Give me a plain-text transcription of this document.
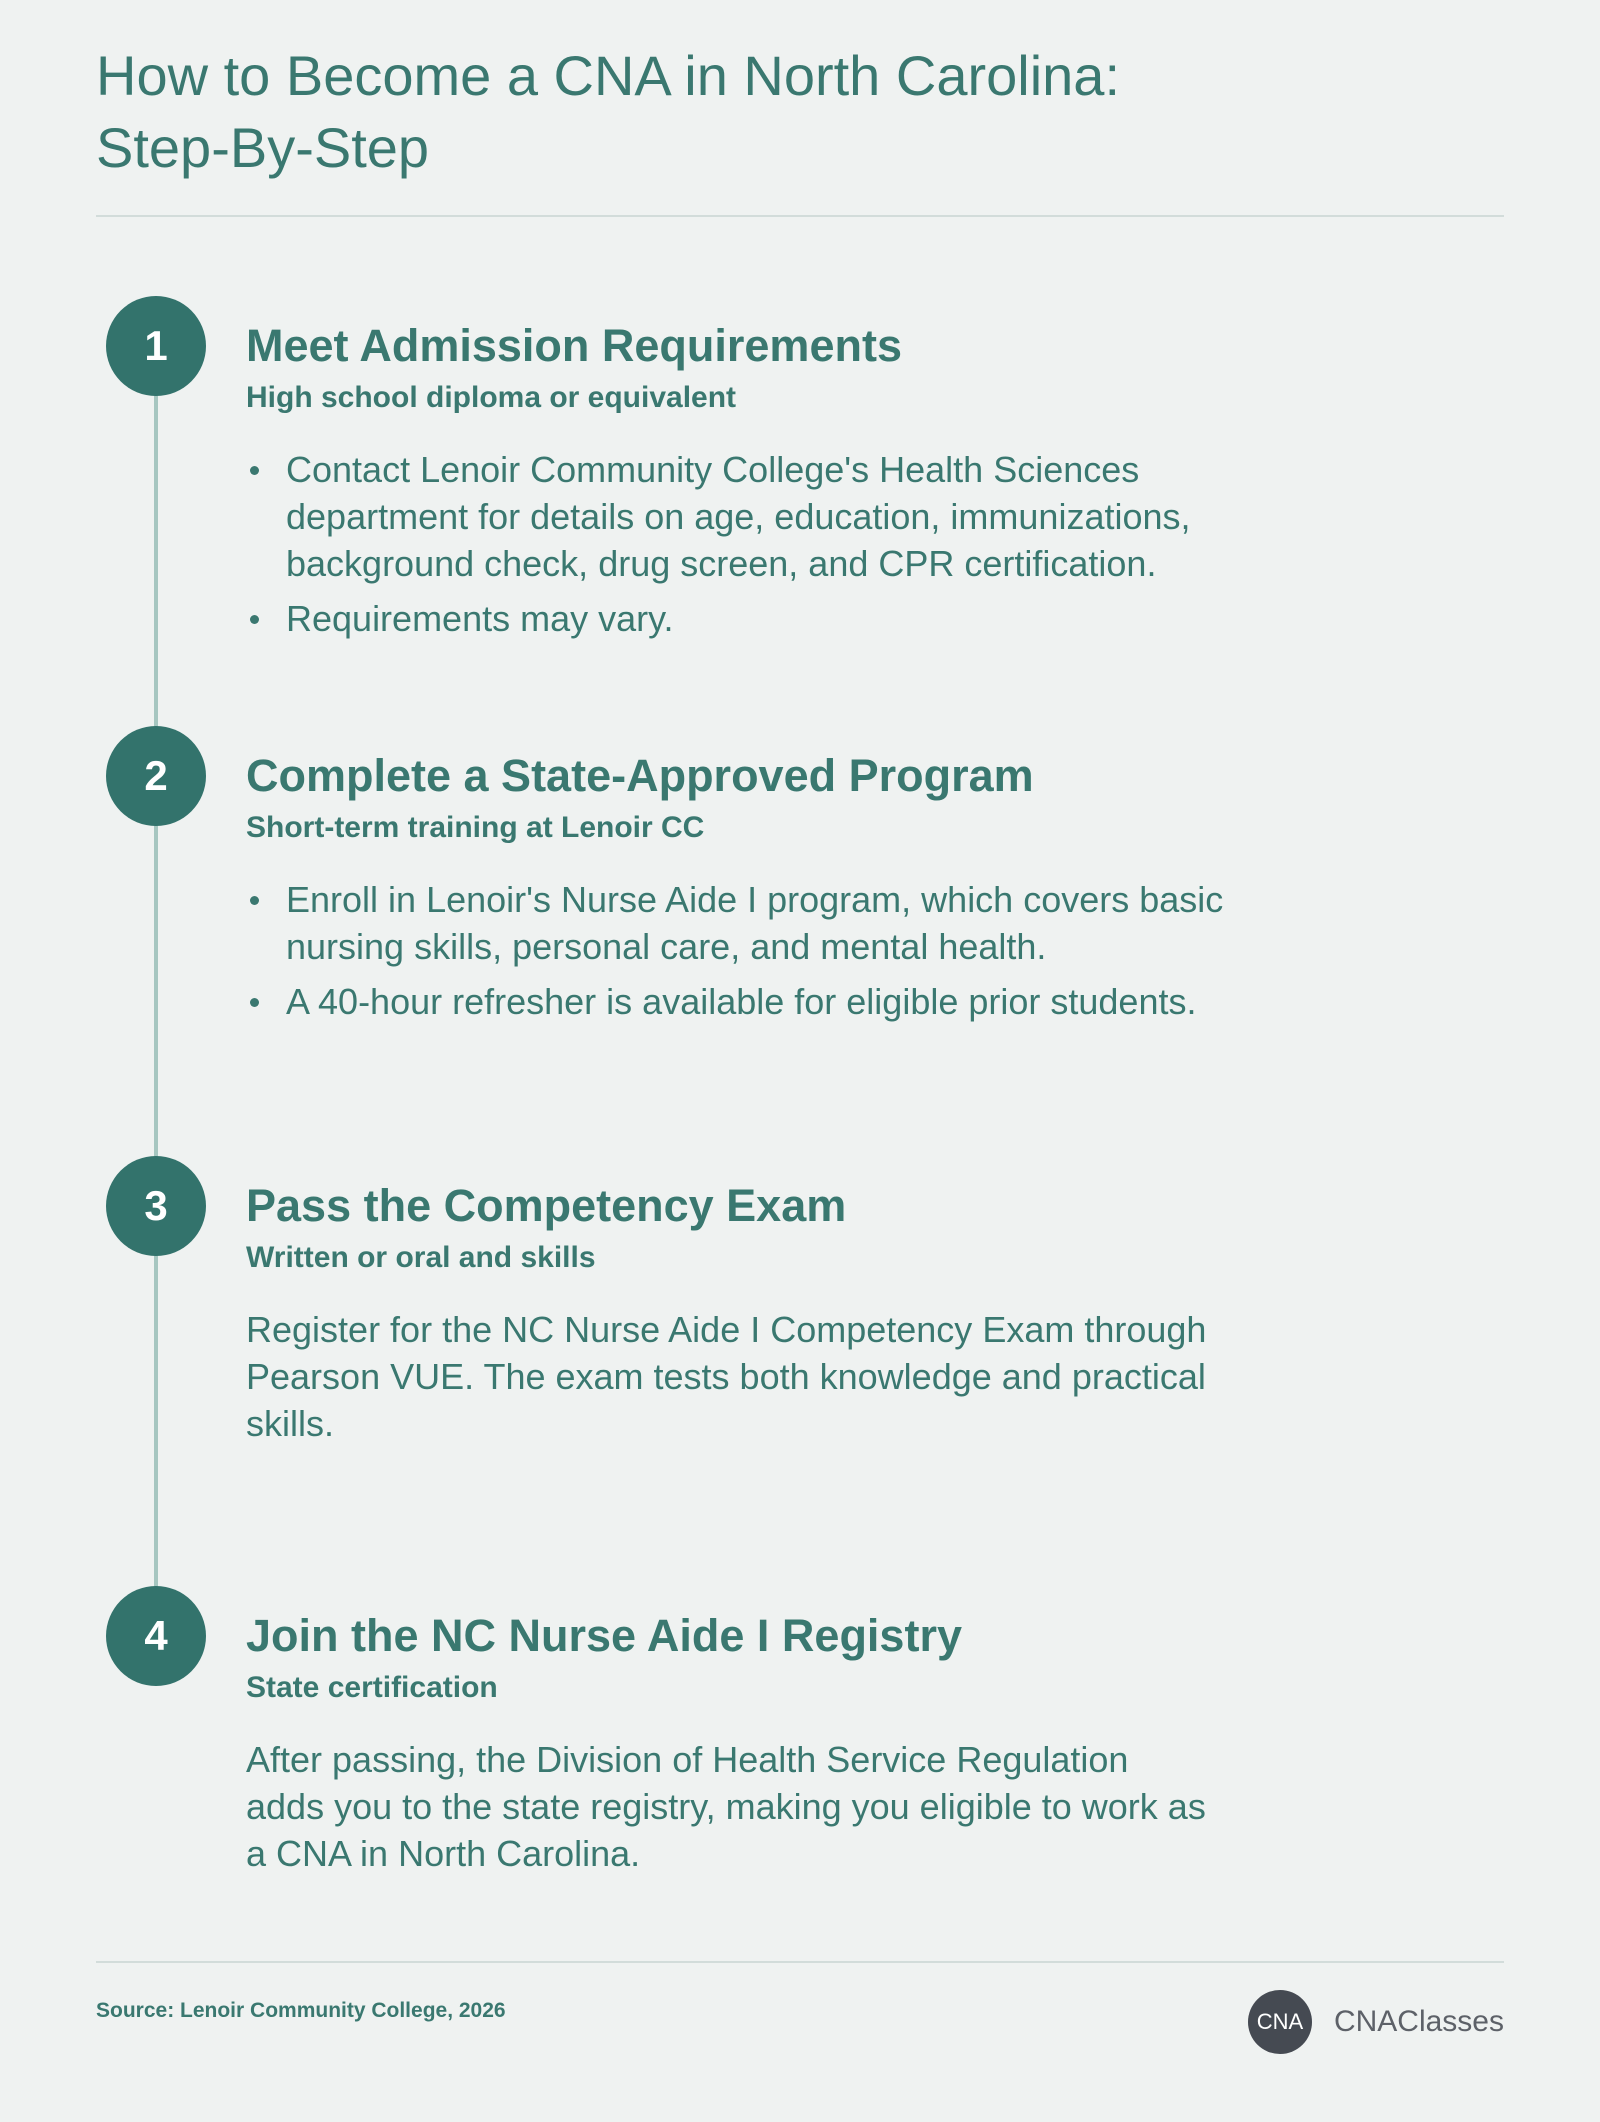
How to Become a CNA in North Carolina:
Step-By-Step
1	Meet Admission Requirements

High school diploma or equivalent

Contact Lenoir Community College's Health Sciences department for details on age, education, immunizations, background check, drug screen, and CPR certification.
Requirements may vary.
2	Complete a State-Approved Program

Short-term training at Lenoir CC

Enroll in Lenoir's Nurse Aide I program, which covers basic nursing skills, personal care, and mental health.
A 40-hour refresher is available for eligible prior students.
3	Pass the Competency Exam

Written or oral and skills

Register for the NC Nurse Aide I Competency Exam through Pearson VUE. The exam tests both knowledge and practical skills.

4	Join the NC Nurse Aide I Registry

State certification

After passing, the Division of Health Service Regulation adds you to the state registry, making you eligible to work as a CNA in North Carolina.

Source: Lenoir Community College, 2026	CNA CNAClasses
